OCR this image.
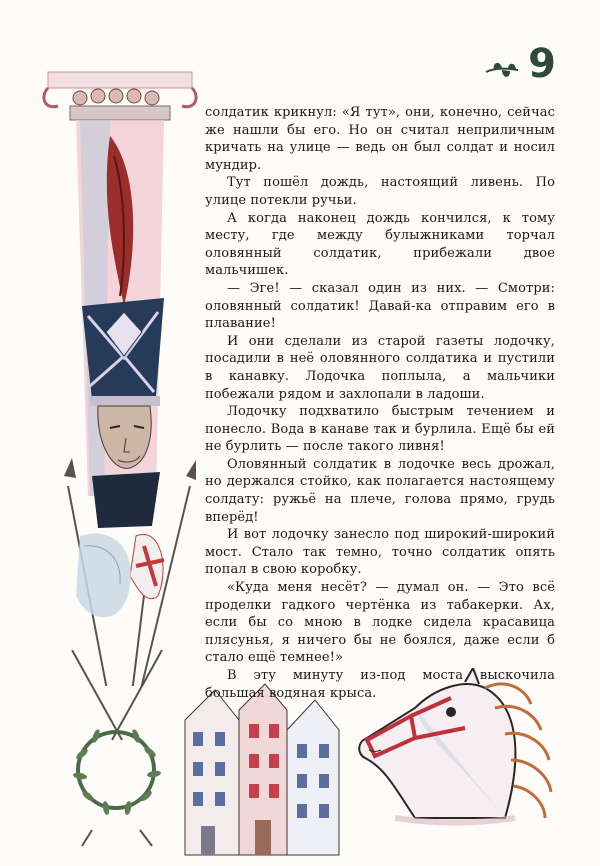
9

солдатик крикнул: «Я тут», они, конечно, сейчас же нашли бы его. Но он считал неприличным кричать на улице — ведь он был солдат и носил мундир.

Тут пошёл дождь, настоящий ливень. По улице потекли ручьи.

А когда наконец дождь кончился, к тому месту, где между булыжниками торчал оловянный солдатик, прибежали двое мальчишек.

— Эге! — сказал один из них. — Смотри: оловянный солдатик! Давай-ка отправим его в плавание!

И они сделали из старой газеты лодочку, посадили в неё оловянного солдатика и пустили в канавку. Лодочка поплыла, а мальчики побежали рядом и захлопали в ладоши.

Лодочку подхватило быстрым течением и понесло. Вода в канаве так и бурлила. Ещё бы ей не бурлить — после такого ливня!

Оловянный солдатик в лодочке весь дрожал, но держался стойко, как полагается настоящему солдату: ружьё на плече, голова прямо, грудь вперёд!

И вот лодочку занесло под широкий-широкий мост. Стало так темно, точно солдатик опять попал в свою коробку.

«Куда меня несёт? — думал он. — Это всё проделки гадкого чертёнка из табакерки. Ах, если бы со мною в лодке сидела красавица плясунья, я ничего бы не боялся, даже если б стало ещё темнее!»

В эту минуту из-под моста выскочила большая водяная крыса.
